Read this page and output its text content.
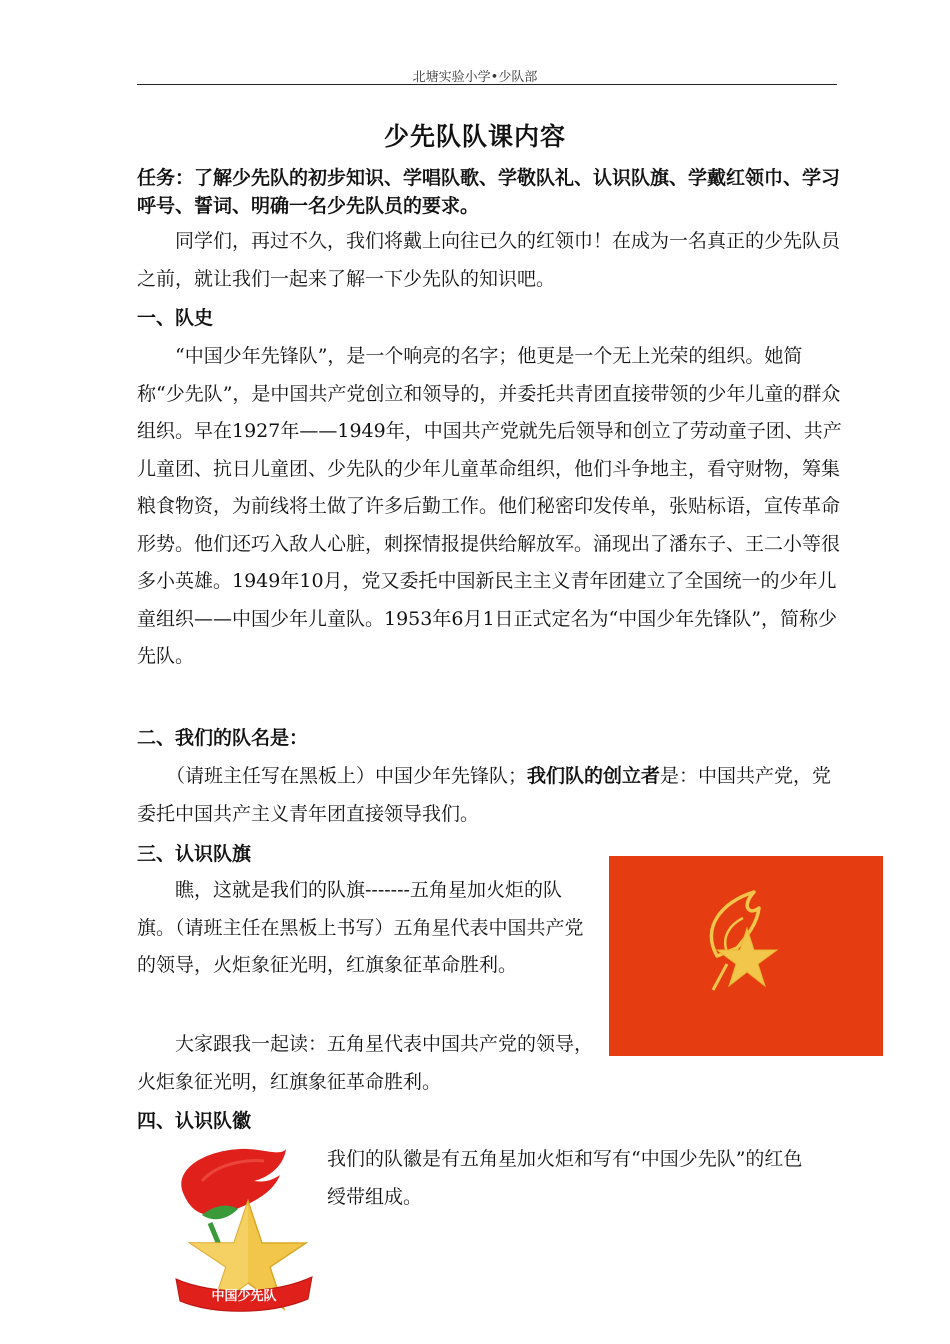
北塘实验小学•少队部
少先队队课内容

任务：了解少先队的初步知识、学唱队歌、学敬队礼、认识队旗、学戴红领巾、学习呼号、誓词、明确一名少先队员的要求。

同学们，再过不久，我们将戴上向往已久的红领巾！在成为一名真正的少先队员之前，就让我们一起来了解一下少先队的知识吧。

一、队史

“中国少年先锋队”，是一个响亮的名字；他更是一个无上光荣的组织。她简称“少先队”，是中国共产党创立和领导的，并委托共青团直接带领的少年儿童的群众组织。早在1927年——1949年，中国共产党就先后领导和创立了劳动童子团、共产儿童团、抗日儿童团、少先队的少年儿童革命组织，他们斗争地主，看守财物，筹集粮食物资，为前线将土做了许多后勤工作。他们秘密印发传单，张贴标语，宣传革命形势。他们还巧入敌人心脏，刺探情报提供给解放军。涌现出了潘东子、王二小等很多小英雄。1949年10月，党又委托中国新民主主义青年团建立了全国统一的少年儿童组织——中国少年儿童队。1953年6月1日正式定名为“中国少年先锋队”，简称少先队。

二、我们的队名是：

（请班主任写在黑板上）中国少年先锋队；我们队的创立者是：中国共产党，党委托中国共产主义青年团直接领导我们。

三、认识队旗

瞧，这就是我们的队旗-------五角星加火炬的队旗。（请班主任在黑板上书写）五角星代表中国共产党的领导，火炬象征光明，红旗象征革命胜利。

大家跟我一起读：五角星代表中国共产党的领导，火炬象征光明，红旗象征革命胜利。

四、认识队徽
中国少先队

我们的队徽是有五角星加火炬和写有“中国少先队”的红色绶带组成。
